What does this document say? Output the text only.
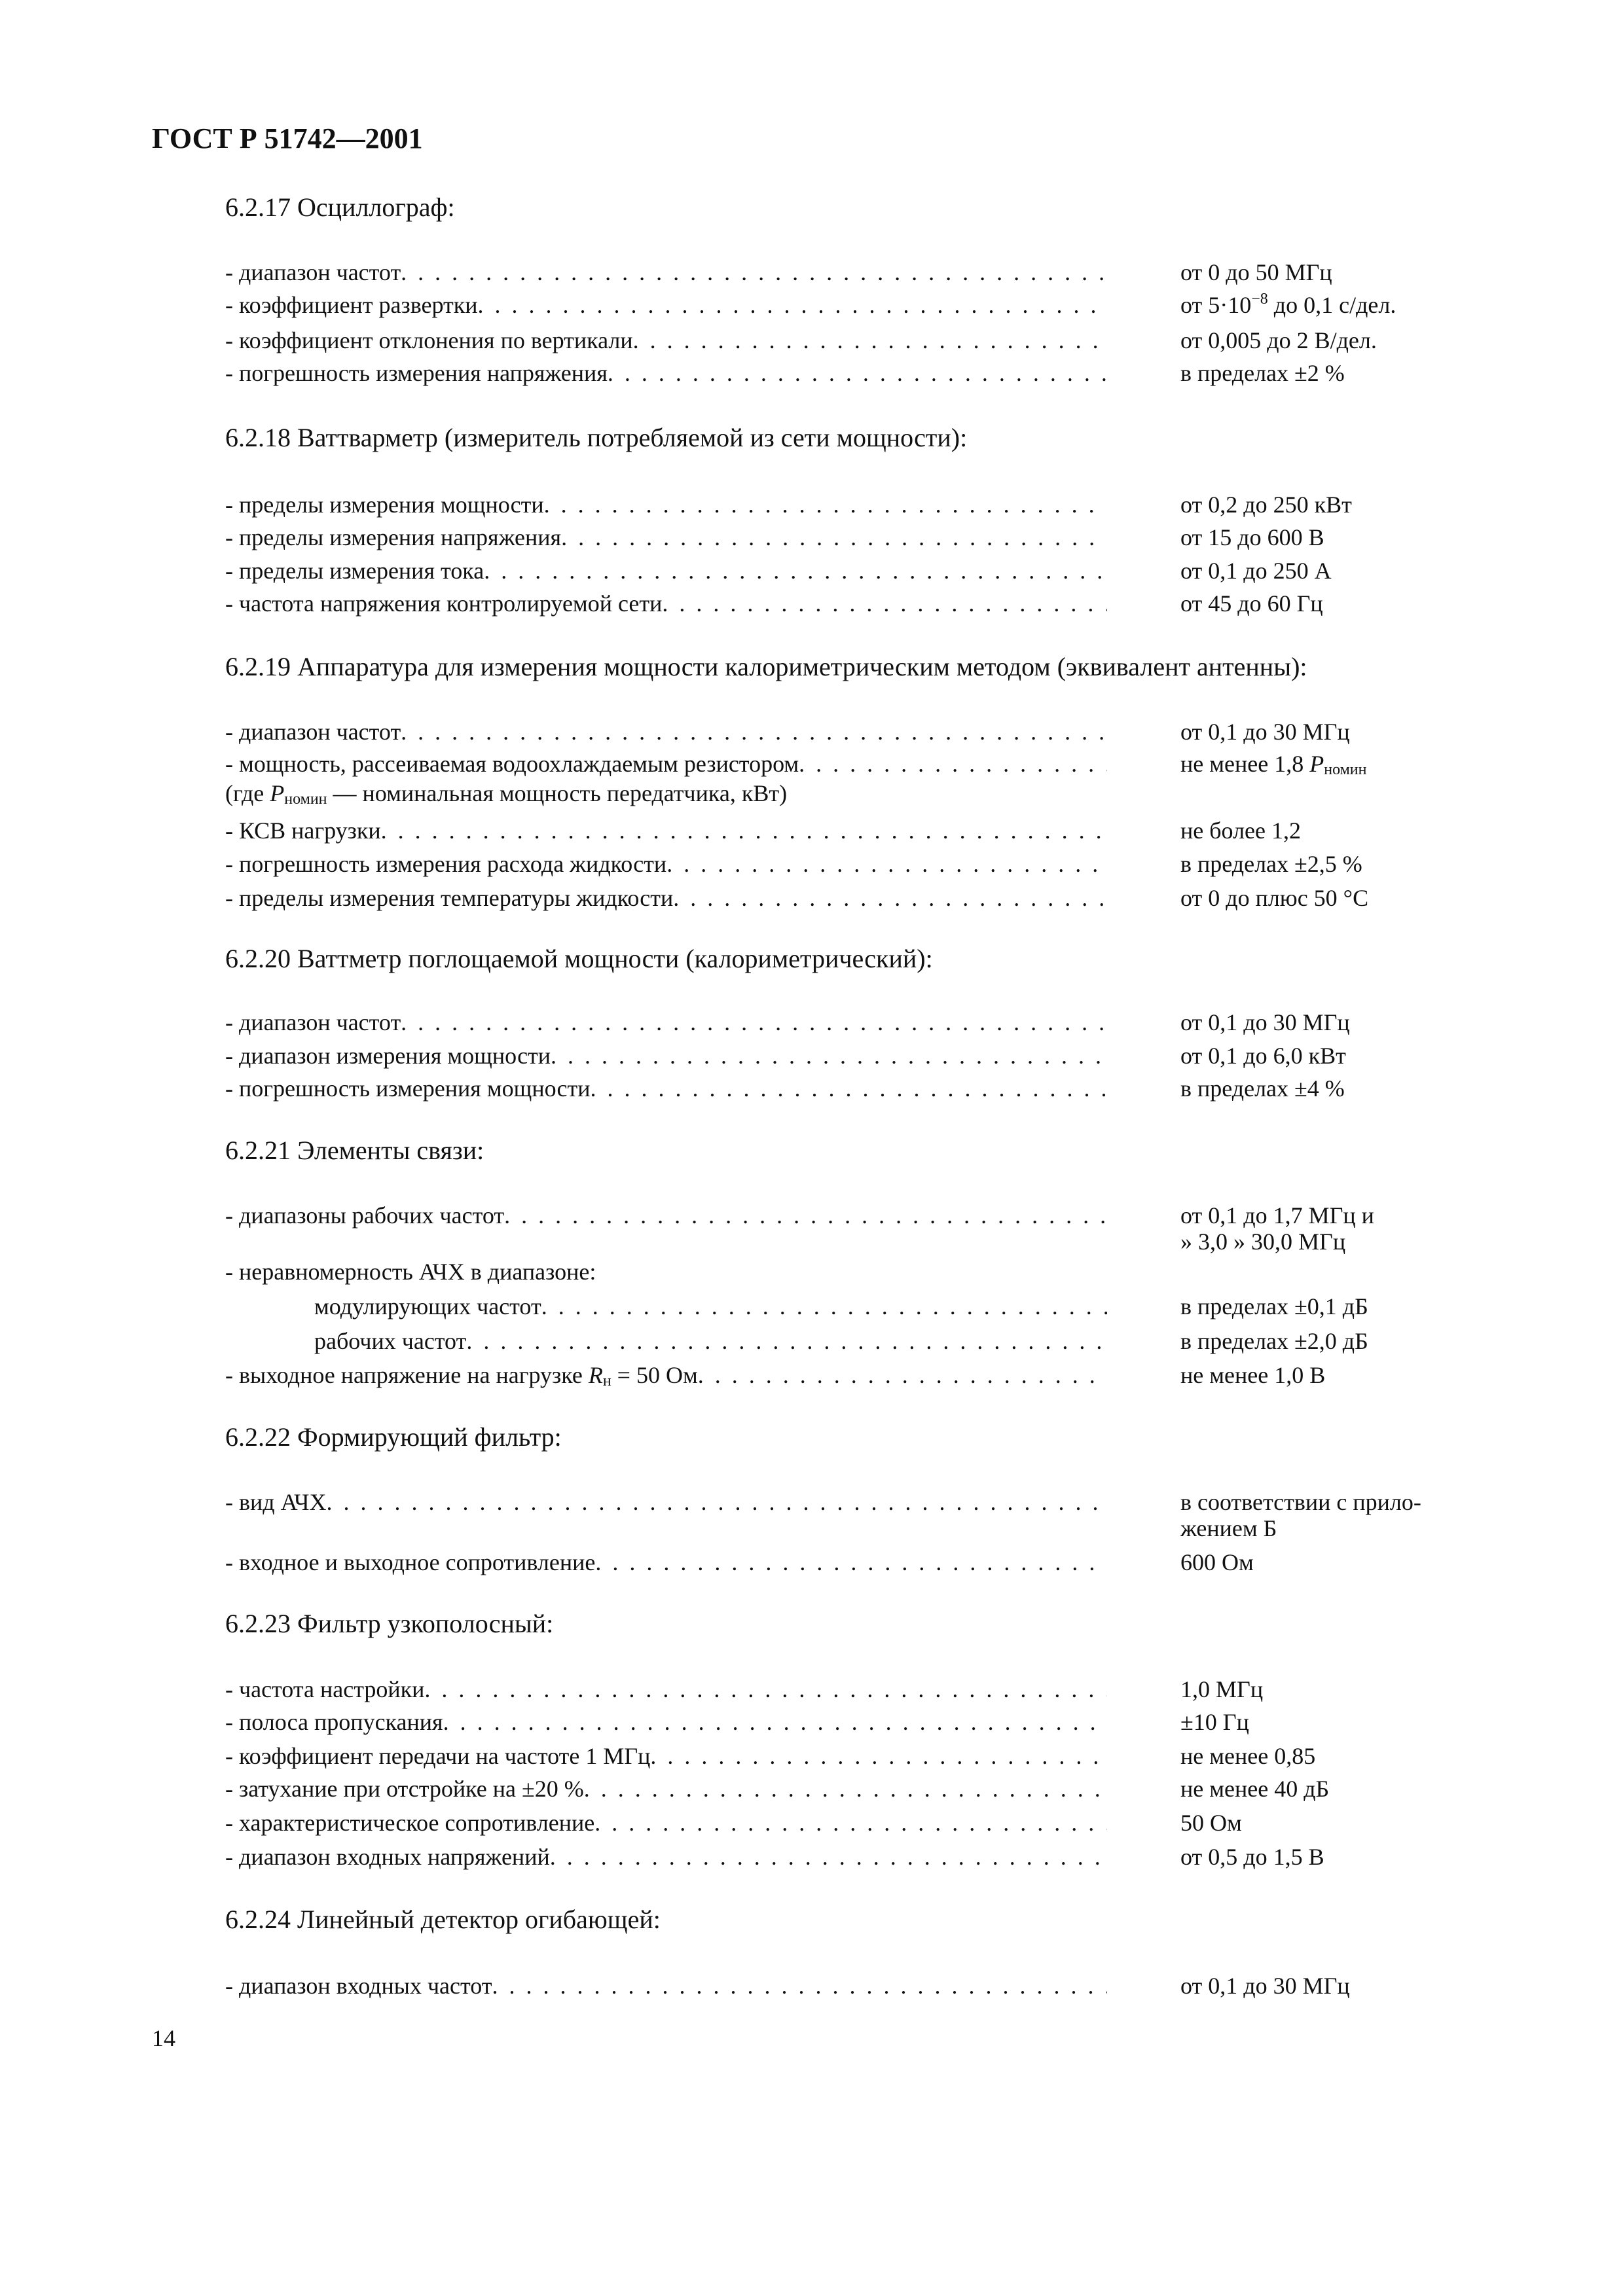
ГОСТ Р 51742—2001
6.2.17 Осциллограф:
- диапазон частот . . .	от 0 до 50 МГц
- коэффициент развертки . . .	от $5\cdot 10^{-8}$ до 0,1 с/дел.
- коэффициент отклонения по вертикали . . .	от 0,005 до 2 В/дел.
- погрешность измерения напряжения . . .	в пределах ±2 %
6.2.18 Ваттварметр (измеритель потребляемой из сети мощности):
- пределы измерения мощности . . .	от 0,2 до 250 кВт
- пределы измерения напряжения . . .	от 15 до 600 В
- пределы измерения тока . . .	от 0,1 до 250 А
- частота напряжения контролируемой сети . . .	от 45 до 60 Гц
6.2.19 Аппаратура для измерения мощности калориметрическим методом (эквивалент антенны):
- диапазон частот . . .	от 0,1 до 30 МГц
- мощность, рассеиваемая водоохлаждаемым резистором . . .	не менее 1,8 $P_{номин}$
(где $P_{номин}$ — номинальная мощность передатчика, кВт)
- КСВ нагрузки . . .	не более 1,2
- погрешность измерения расхода жидкости . . .	в пределах ±2,5 %
- пределы измерения температуры жидкости . . .	от 0 до плюс 50 °С
6.2.20 Ваттметр поглощаемой мощности (калориметрический):
- диапазон частот . . .	от 0,1 до 30 МГц
- диапазон измерения мощности . . .	от 0,1 до 6,0 кВт
- погрешность измерения мощности . . .	в пределах ±4 %
6.2.21 Элементы связи:
- диапазоны рабочих частот . . .	от 0,1 до 1,7 МГц и
» 3,0 » 30,0 МГц
- неравномерность АЧХ в диапазоне:
модулирующих частот . . .	в пределах ±0,1 дБ
рабочих частот . . .	в пределах ±2,0 дБ
- выходное напряжение на нагрузке $R_н = 50$ Ом . . .	не менее 1,0 В
6.2.22 Формирующий фильтр:
- вид АЧХ . . .	в соответствии с прило-
жением Б
- входное и выходное сопротивление . . .	600 Ом
6.2.23 Фильтр узкополосный:
- частота настройки . . .	1,0 МГц
- полоса пропускания . . .	±10 Гц
- коэффициент передачи на частоте 1 МГц . . .	не менее 0,85
- затухание при отстройке на ±20 % . . .	не менее 40 дБ
- характеристическое сопротивление . . .	50 Ом
- диапазон входных напряжений . . .	от 0,5 до 1,5 В
6.2.24 Линейный детектор огибающей:
- диапазон входных частот . . .	от 0,1 до 30 МГц
14
